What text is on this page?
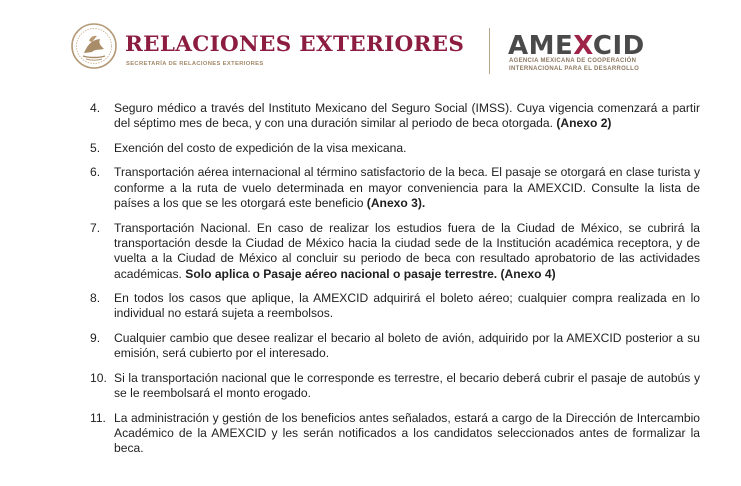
RELACIONES EXTERIORES
SECRETARÍA DE RELACIONES EXTERIORES
AMEXCID
AGENCIA MEXICANA DE COOPERACIÓN
INTERNACIONAL PARA EL DESARROLLO
4.	Seguro médico a través del Instituto Mexicano del Seguro Social (IMSS). Cuya vigencia comenzará a partir del séptimo mes de beca, y con una duración similar al periodo de beca otorgada. (Anexo 2)
5.	Exención del costo de expedición de la visa mexicana.
6.	Transportación aérea internacional al término satisfactorio de la beca. El pasaje se otorgará en clase turista y conforme a la ruta de vuelo determinada en mayor conveniencia para la AMEXCID. Consulte la lista de países a los que se les otorgará este beneficio (Anexo 3).
7.	Transportación Nacional. En caso de realizar los estudios fuera de la Ciudad de México, se cubrirá la transportación desde la Ciudad de México hacia la ciudad sede de la Institución académica receptora, y de vuelta a la Ciudad de México al concluir su periodo de beca con resultado aprobatorio de las actividades académicas. Solo aplica o Pasaje aéreo nacional o pasaje terrestre. (Anexo 4)
8.	En todos los casos que aplique, la AMEXCID adquirirá el boleto aéreo; cualquier compra realizada en lo individual no estará sujeta a reembolsos.
9.	Cualquier cambio que desee realizar el becario al boleto de avión, adquirido por la AMEXCID posterior a su emisión, será cubierto por el interesado.
10. Si la transportación nacional que le corresponde es terrestre, el becario deberá cubrir el pasaje de autobús y se le reembolsará el monto erogado.
11. La administración y gestión de los beneficios antes señalados, estará a cargo de la Dirección de Intercambio Académico de la AMEXCID y les serán notificados a los candidatos seleccionados antes de formalizar la beca.
